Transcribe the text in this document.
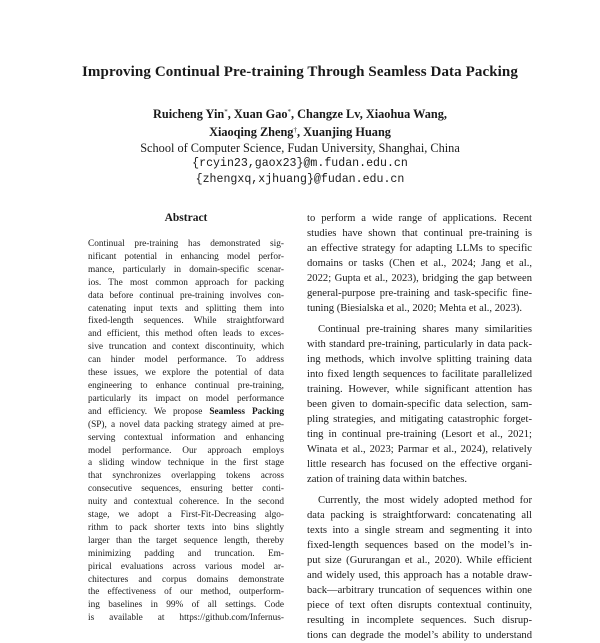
Improving Continual Pre-training Through Seamless Data Packing
Ruicheng Yin*, Xuan Gao*, Changze Lv, Xiaohua Wang,
Xiaoqing Zheng†, Xuanjing Huang
School of Computer Science, Fudan University, Shanghai, China
{rcyin23,gaox23}@m.fudan.edu.cn
{zhengxq,xjhuang}@fudan.edu.cn
Abstract
Continual pre-training has demonstrated sig-
nificant potential in enhancing model perfor-
mance, particularly in domain-specific scenar-
ios. The most common approach for packing
data before continual pre-training involves con-
catenating input texts and splitting them into
fixed-length sequences. While straightforward
and efficient, this method often leads to exces-
sive truncation and context discontinuity, which
can hinder model performance. To address
these issues, we explore the potential of data
engineering to enhance continual pre-training,
particularly its impact on model performance
and efficiency. We propose Seamless Packing
(SP), a novel data packing strategy aimed at pre-
serving contextual information and enhancing
model performance. Our approach employs
a sliding window technique in the first stage
that synchronizes overlapping tokens across
consecutive sequences, ensuring better conti-
nuity and contextual coherence. In the second
stage, we adopt a First-Fit-Decreasing algo-
rithm to pack shorter texts into bins slightly
larger than the target sequence length, thereby
minimizing padding and truncation. Em-
pirical evaluations across various model ar-
chitectures and corpus domains demonstrate
the effectiveness of our method, outperform-
ing baselines in 99% of all settings. Code
is available at https://github.com/Infernus-
to perform a wide range of applications. Recent
studies have shown that continual pre-training is
an effective strategy for adapting LLMs to specific
domains or tasks (Chen et al., 2024; Jang et al.,
2022; Gupta et al., 2023), bridging the gap between
general-purpose pre-training and task-specific fine-
tuning (Biesialska et al., 2020; Mehta et al., 2023).
Continual pre-training shares many similarities
with standard pre-training, particularly in data pack-
ing methods, which involve splitting training data
into fixed length sequences to facilitate parallelized
training. However, while significant attention has
been given to domain-specific data selection, sam-
pling strategies, and mitigating catastrophic forget-
ting in continual pre-training (Lesort et al., 2021;
Winata et al., 2023; Parmar et al., 2024), relatively
little research has focused on the effective organi-
zation of training data within batches.
Currently, the most widely adopted method for
data packing is straightforward: concatenating all
texts into a single stream and segmenting it into
fixed-length sequences based on the model’s in-
put size (Gururangan et al., 2020). While efficient
and widely used, this approach has a notable draw-
back—arbitrary truncation of sequences within one
piece of text often disrupts contextual continuity,
resulting in incomplete sequences. Such disrup-
tions can degrade the model’s ability to understand
